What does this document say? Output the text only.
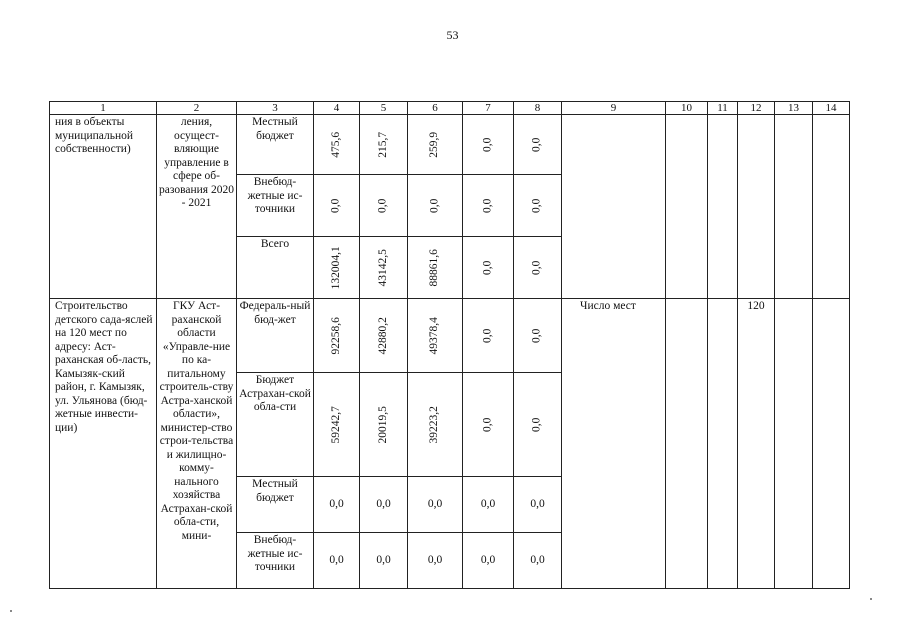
53
1	2	3	4	5	6	7	8	9	10	11	12	13	14
ния в объекты муниципальной собственности)	ления, осущест-вляющие управление в сфере об-разования 2020 - 2021	Местный бюджет	475,6	215,7	259,9	0,0	0,0						
		Внебюд-жетные ис-точники	0,0	0,0	0,0	0,0	0,0						
		Всего	132004,1	43142,5	88861,6	0,0	0,0						
Строительство детского сада-яслей на 120 мест по адресу: Аст-раханская об-ласть, Камызяк-ский район, г. Камызяк, ул. Ульянова (бюд-жетные инвести-ции)	ГКУ Аст-раханской области «Управле-ние по ка-питальному строитель-ству Астра-ханской области», министер-ство строи-тельства и жилищно-комму-нального хозяйства Астрахан-ской обла-сти, мини-	Федераль-ный бюд-жет	92258,6	42880,2	49378,4	0,0	0,0	Число мест			120		
		Бюджет Астрахан-ской обла-сти	59242,7	20019,5	39223,2	0,0	0,0						
		Местный бюджет	0,0	0,0	0,0	0,0	0,0						
		Внебюд-жетные ис-точники	0,0	0,0	0,0	0,0	0,0						
